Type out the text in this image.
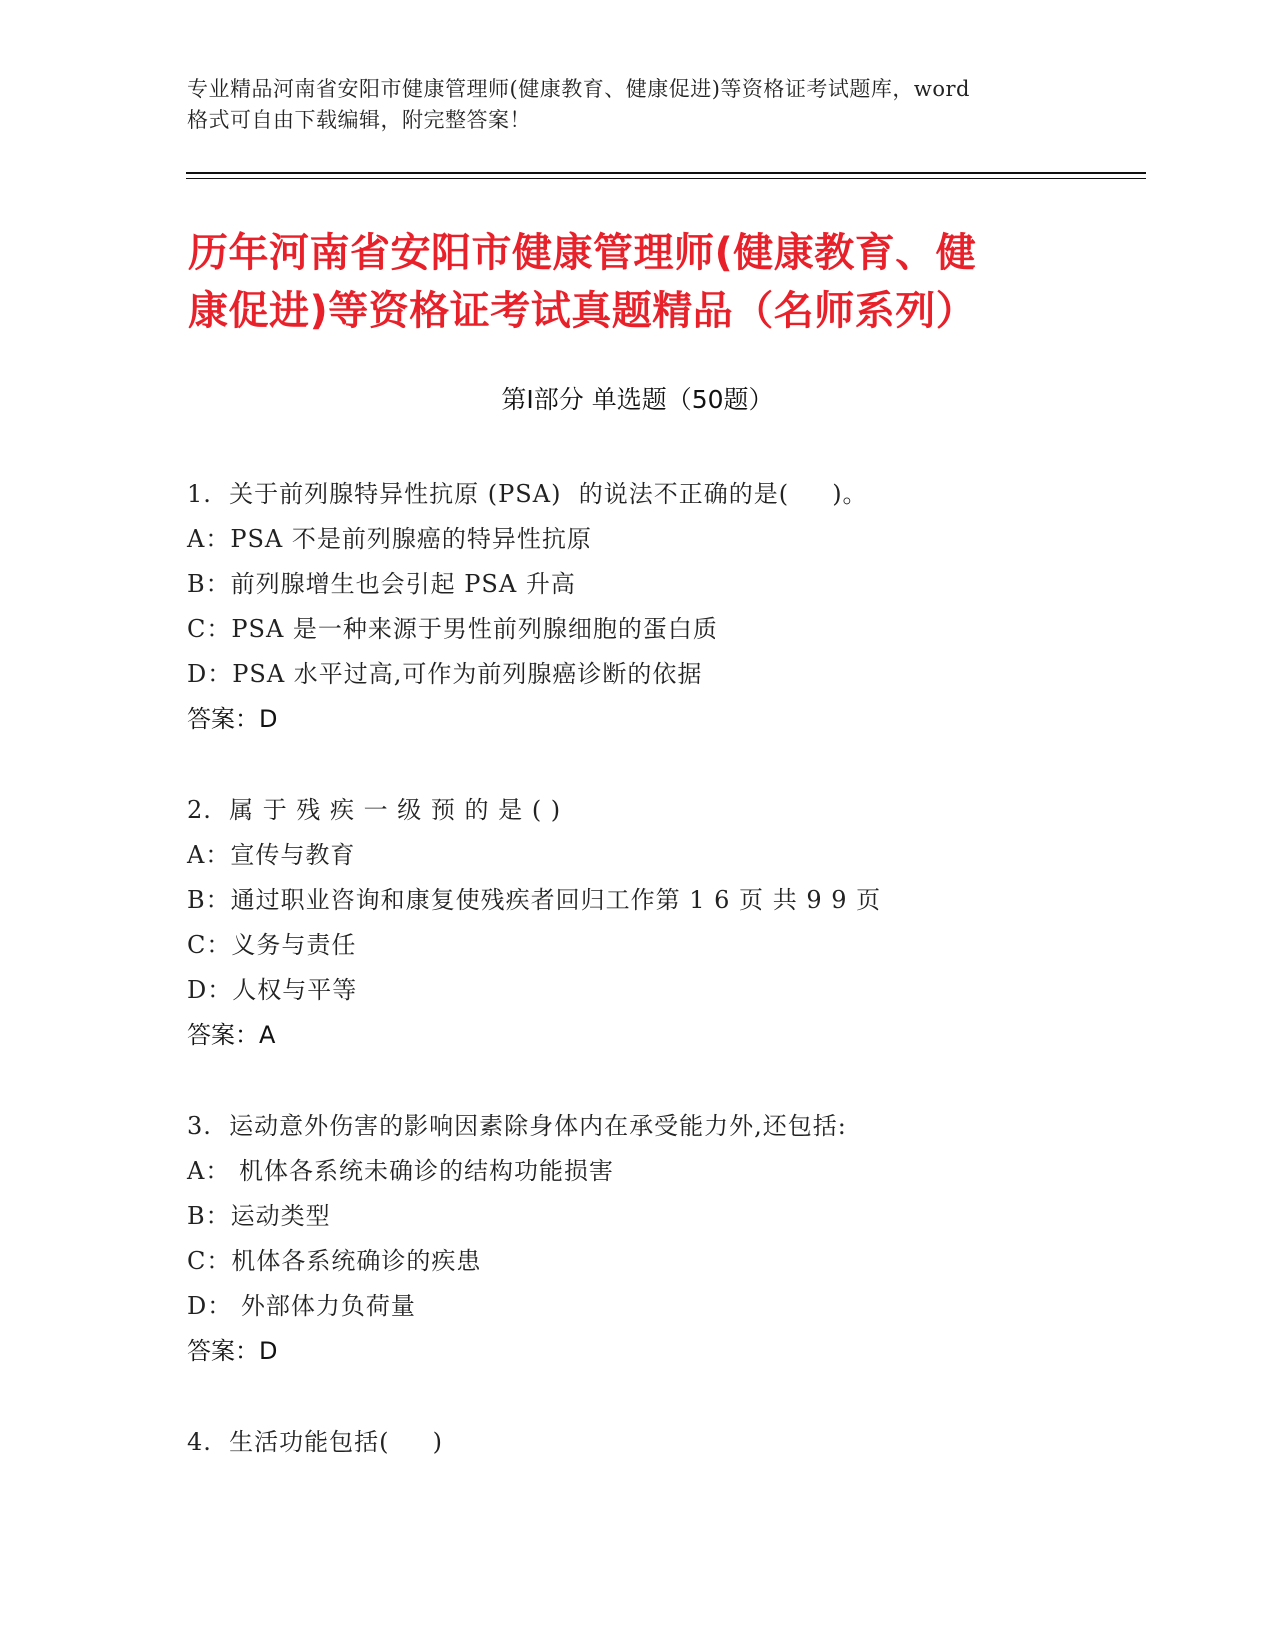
专业精品河南省安阳市健康管理师(健康教育、健康促进)等资格证考试题库，word
格式可自由下载编辑，附完整答案！
历年河南省安阳市健康管理师(健康教育、健
康促进)等资格证考试真题精品（名师系列）
第Ⅰ部分 单选题（50题）
1.  关于前列腺特异性抗原 (PSA)  的说法不正确的是(     )。
A：PSA 不是前列腺癌的特异性抗原
B：前列腺增生也会引起 PSA 升高
C：PSA 是一种来源于男性前列腺细胞的蛋白质
D：PSA 水平过高,可作为前列腺癌诊断的依据
答案：D
2.  属 于 残 疾 一 级 预 的 是 ( )
A：宣传与教育
B：通过职业咨询和康复使残疾者回归工作第 1 6 页 共 9 9 页
C：义务与责任
D：人权与平等
答案：A
3.  运动意外伤害的影响因素除身体内在承受能力外,还包括:
A： 机体各系统未确诊的结构功能损害
B：运动类型
C：机体各系统确诊的疾患
D： 外部体力负荷量
答案：D
4.  生活功能包括(     )
